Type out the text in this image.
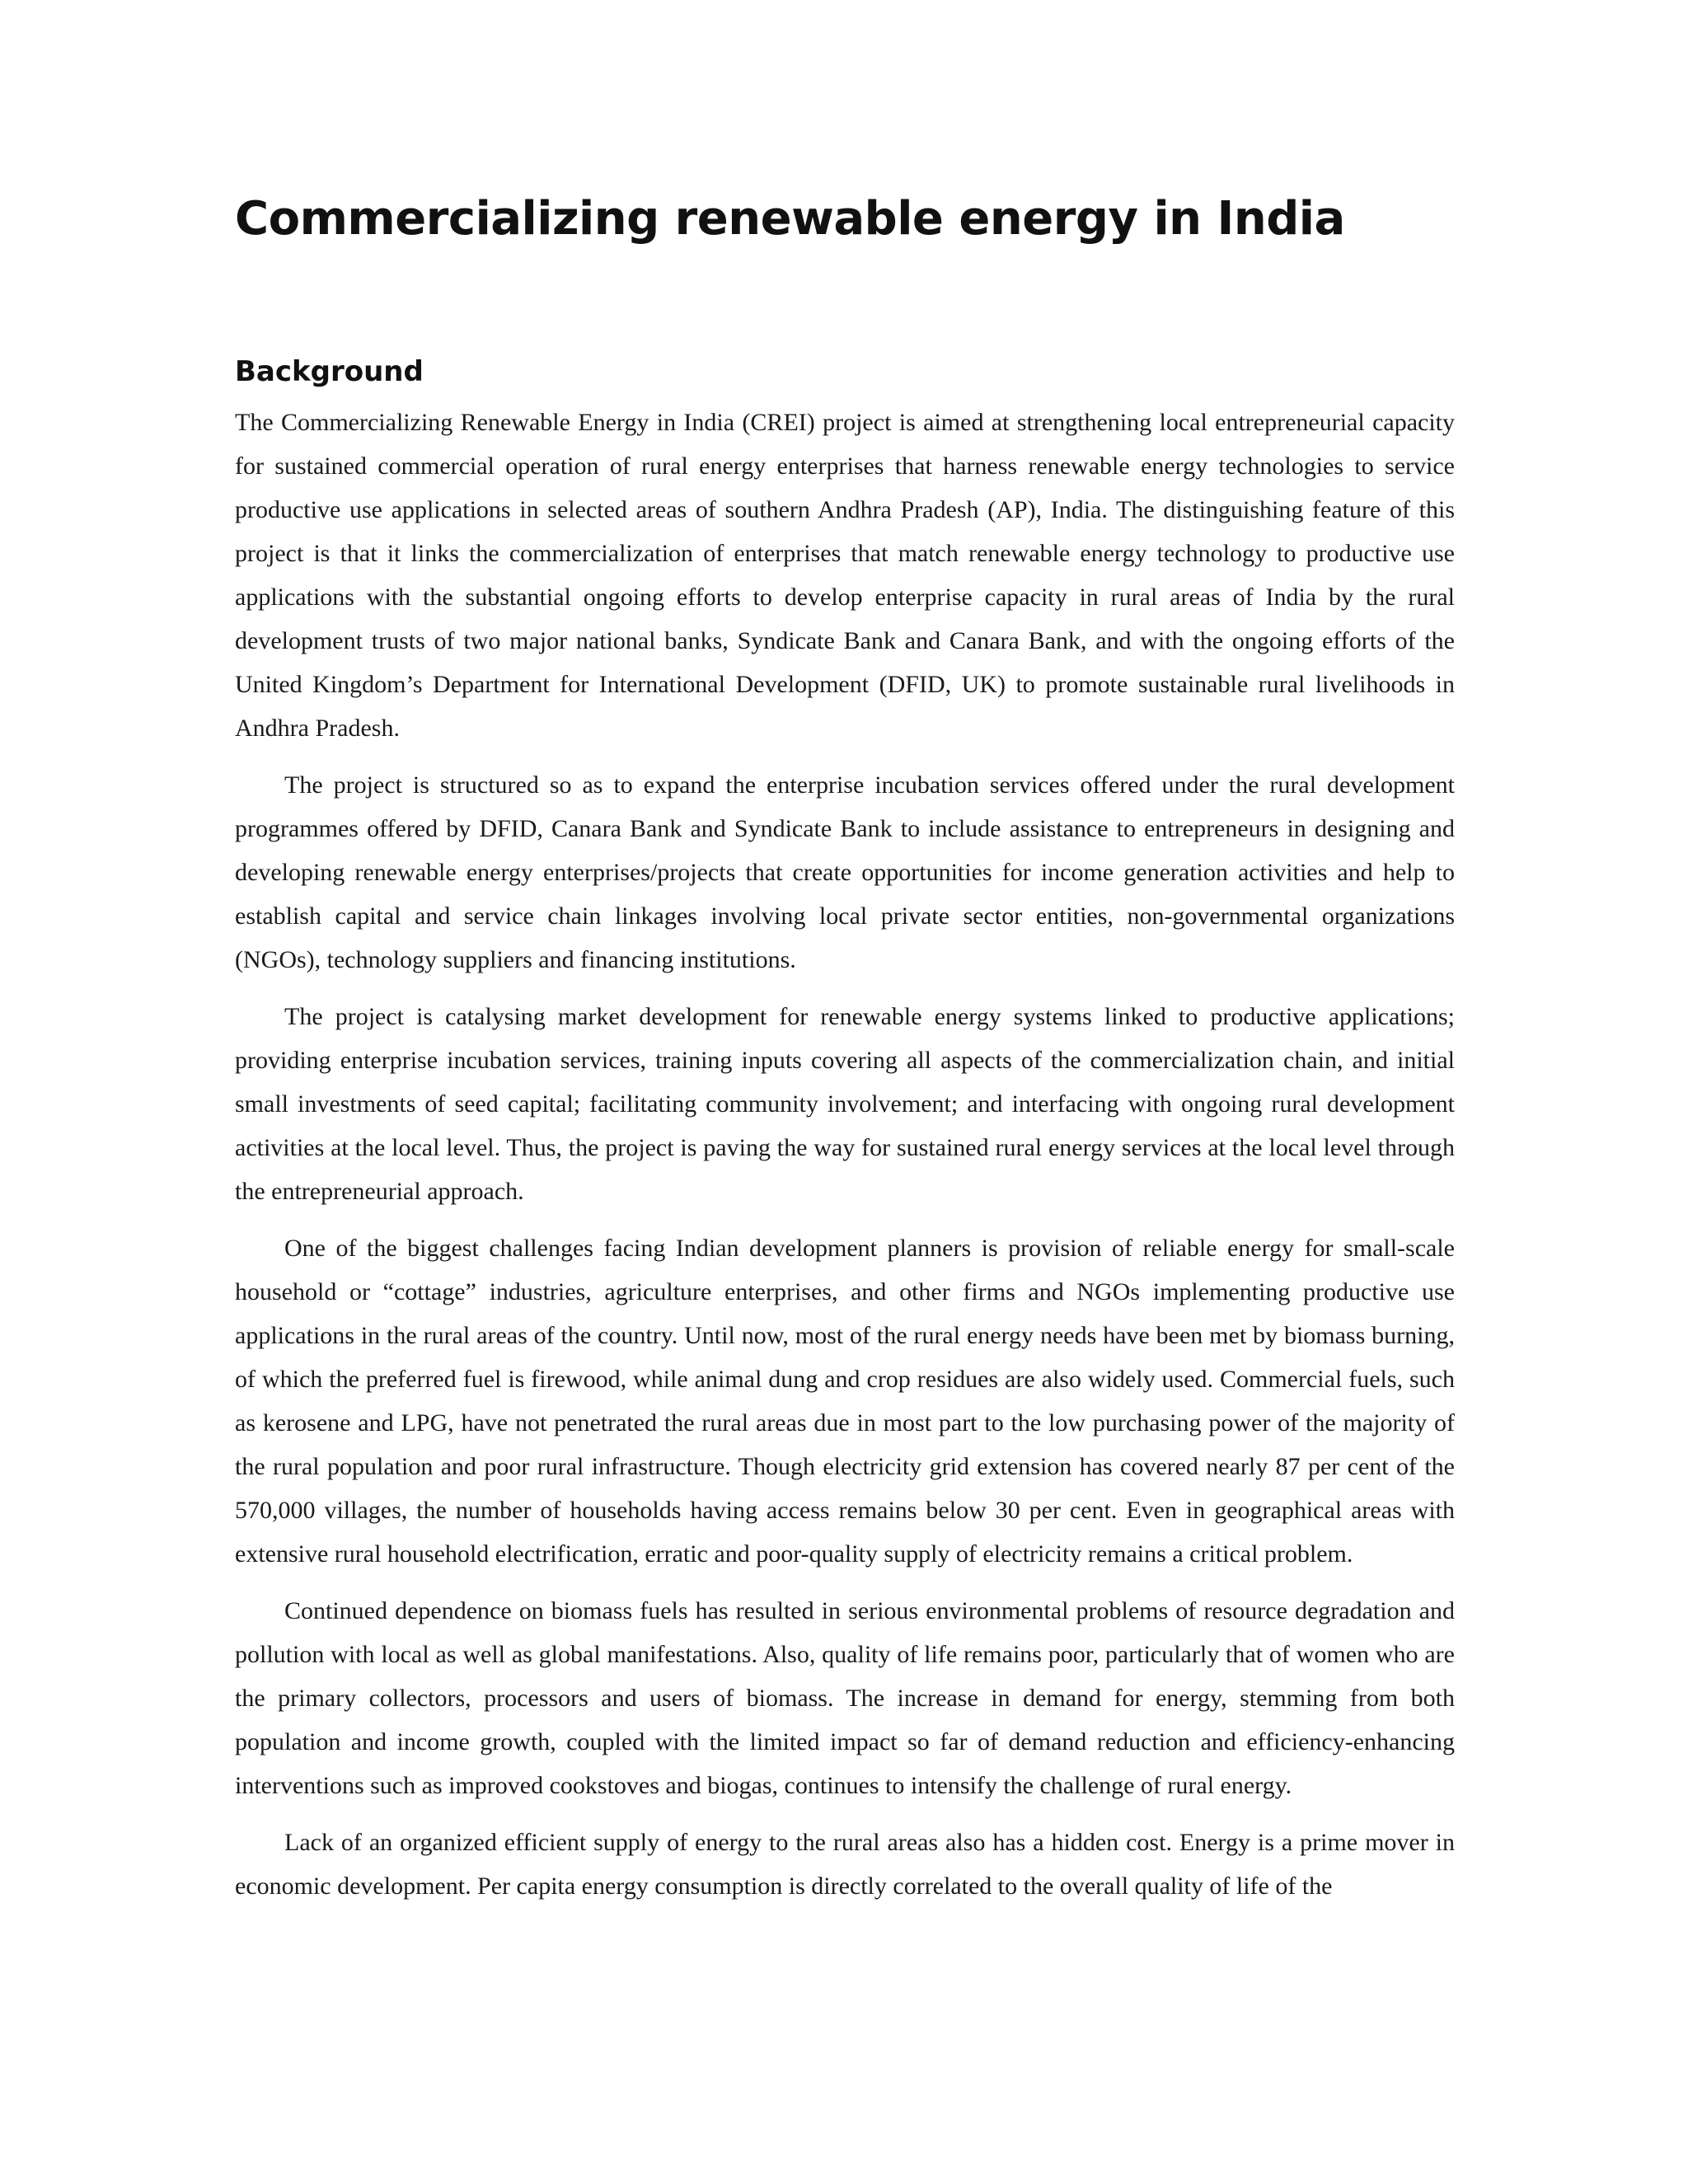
Commercializing renewable energy in India
Background

The Commercializing Renewable Energy in India (CREI) project is aimed at strengthening local entrepreneurial capacity for sustained commercial operation of rural energy enterprises that harness renewable energy technologies to service productive use applications in selected areas of southern Andhra Pradesh (AP), India. The distinguishing feature of this project is that it links the commercialization of enterprises that match renewable energy technology to productive use applications with the substantial ongoing efforts to develop enterprise capacity in rural areas of India by the rural development trusts of two major national banks, Syndicate Bank and Canara Bank, and with the ongoing efforts of the United Kingdom’s Department for International Development (DFID, UK) to promote sustainable rural livelihoods in Andhra Pradesh.

The project is structured so as to expand the enterprise incubation services offered under the rural development programmes offered by DFID, Canara Bank and Syndicate Bank to include assistance to entrepreneurs in designing and developing renewable energy enterprises/projects that create opportunities for income generation activities and help to establish capital and service chain linkages involving local private sector entities, non-governmental organizations (NGOs), technology suppliers and financing institutions.

The project is catalysing market development for renewable energy systems linked to productive applications; providing enterprise incubation services, training inputs covering all aspects of the commercialization chain, and initial small investments of seed capital; facilitating community involvement; and interfacing with ongoing rural development activities at the local level. Thus, the project is paving the way for sustained rural energy services at the local level through the entrepreneurial approach.

One of the biggest challenges facing Indian development planners is provision of reliable energy for small-scale household or “cottage” industries, agriculture enterprises, and other firms and NGOs implementing productive use applications in the rural areas of the country. Until now, most of the rural energy needs have been met by biomass burning, of which the preferred fuel is firewood, while animal dung and crop residues are also widely used. Commercial fuels, such as kerosene and LPG, have not penetrated the rural areas due in most part to the low purchasing power of the majority of the rural population and poor rural infrastructure. Though electricity grid extension has covered nearly 87 per cent of the 570,000 villages, the number of households having access remains below 30 per cent. Even in geographical areas with extensive rural household electrification, erratic and poor-quality supply of electricity remains a critical problem.

Continued dependence on biomass fuels has resulted in serious environmental problems of resource degradation and pollution with local as well as global manifestations. Also, quality of life remains poor, particularly that of women who are the primary collectors, processors and users of biomass. The increase in demand for energy, stemming from both population and income growth, coupled with the limited impact so far of demand reduction and efficiency-enhancing interventions such as improved cookstoves and biogas, continues to intensify the challenge of rural energy.

Lack of an organized efficient supply of energy to the rural areas also has a hidden cost. Energy is a prime mover in economic development. Per capita energy consumption is directly correlated to the overall quality of life of the
